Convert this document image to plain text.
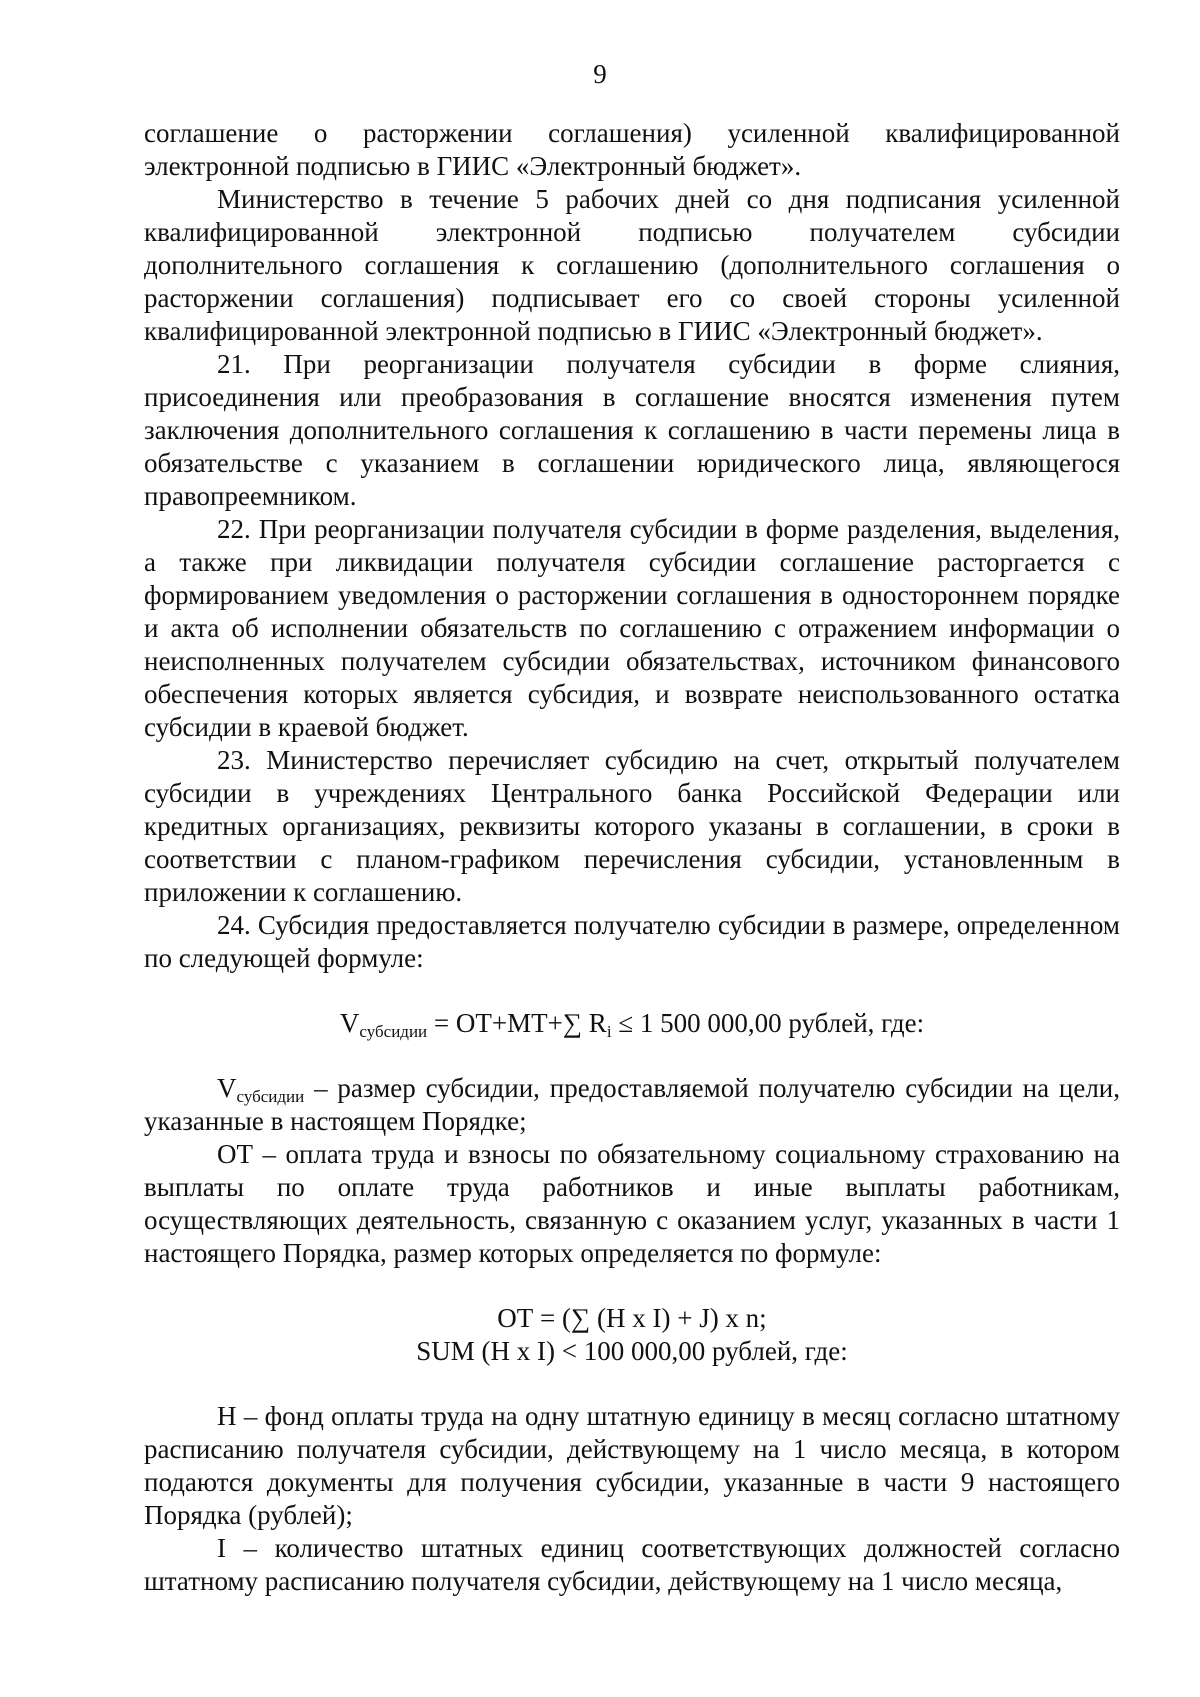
9

соглашение о расторжении соглашения) усиленной квалифицированной электронной подписью в ГИИС «Электронный бюджет».

Министерство в течение 5 рабочих дней со дня подписания усиленной квалифицированной электронной подписью получателем субсидии дополнительного соглашения к соглашению (дополнительного соглашения о расторжении соглашения) подписывает его со своей стороны усиленной квалифицированной электронной подписью в ГИИС «Электронный бюджет».

21. При реорганизации получателя субсидии в форме слияния, присоединения или преобразования в соглашение вносятся изменения путем заключения дополнительного соглашения к соглашению в части перемены лица в обязательстве с указанием в соглашении юридического лица, являющегося правопреемником.

22. При реорганизации получателя субсидии в форме разделения, выделения, а также при ликвидации получателя субсидии соглашение расторгается с формированием уведомления о расторжении соглашения в одностороннем порядке и акта об исполнении обязательств по соглашению с отражением информации о неисполненных получателем субсидии обязательствах, источником финансового обеспечения которых является субсидия, и возврате неиспользованного остатка субсидии в краевой бюджет.

23. Министерство перечисляет субсидию на счет, открытый получателем субсидии в учреждениях Центрального банка Российской Федерации или кредитных организациях, реквизиты которого указаны в соглашении, в сроки в соответствии с планом-графиком перечисления субсидии, установленным в приложении к соглашению.

24. Субсидия предоставляется получателю субсидии в размере, определенном по следующей формуле:

$V_{субсидии} = ОТ+МТ+\sum$ $R_i \le 1$ 500 000,00 рублей, где:

$V_{субсидии}$ – размер субсидии, предоставляемой получателю субсидии на цели, указанные в настоящем Порядке;

ОТ – оплата труда и взносы по обязательному социальному страхованию на выплаты по оплате труда работников и иные выплаты работникам, осуществляющих деятельность, связанную с оказанием услуг, указанных в части 1 настоящего Порядка, размер которых определяется по формуле:

ОТ = (∑ (H x I) + J) x n;

SUM (H x I) < 100 000,00 рублей, где:

H – фонд оплаты труда на одну штатную единицу в месяц согласно штатному расписанию получателя субсидии, действующему на 1 число месяца, в котором подаются документы для получения субсидии, указанные в части 9 настоящего Порядка (рублей);

I – количество штатных единиц соответствующих должностей согласно штатному расписанию получателя субсидии, действующему на 1 число месяца,
